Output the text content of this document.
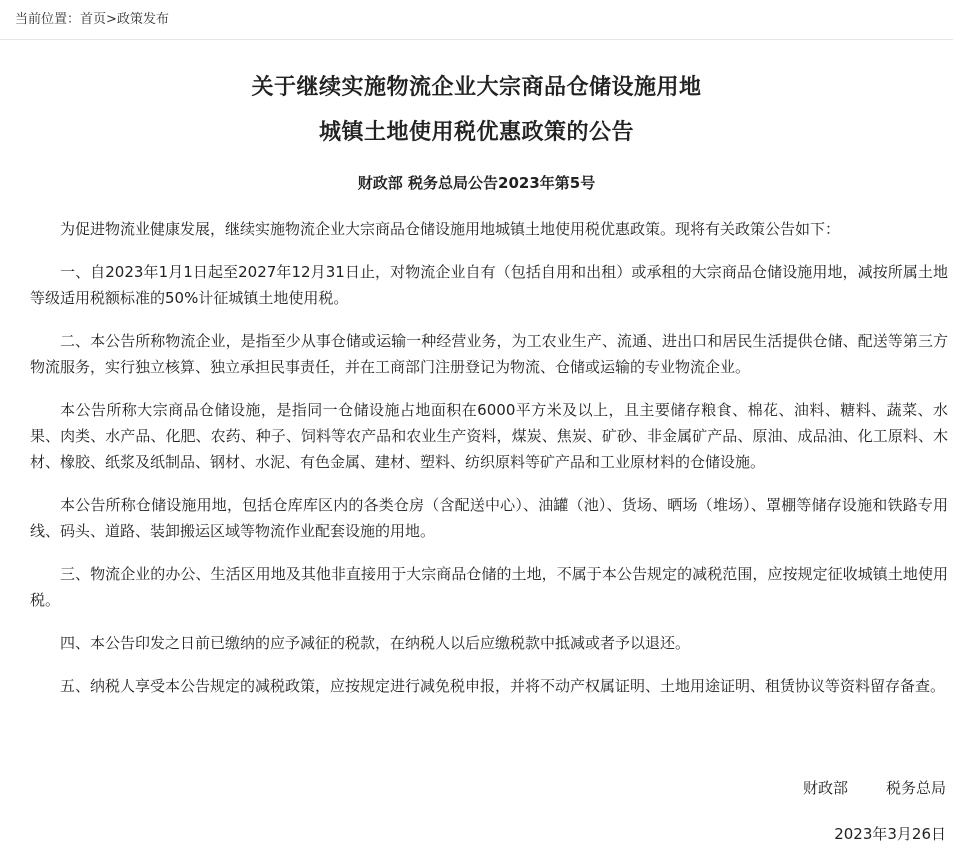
当前位置：首页>政策发布
关于继续实施物流企业大宗商品仓储设施用地
城镇土地使用税优惠政策的公告
财政部 税务总局公告2023年第5号

为促进物流业健康发展，继续实施物流企业大宗商品仓储设施用地城镇土地使用税优惠政策。现将有关政策公告如下：

一、自2023年1月1日起至2027年12月31日止，对物流企业自有（包括自用和出租）或承租的大宗商品仓储设施用地，减按所属土地等级适用税额标准的50%计征城镇土地使用税。

二、本公告所称物流企业，是指至少从事仓储或运输一种经营业务，为工农业生产、流通、进出口和居民生活提供仓储、配送等第三方物流服务，实行独立核算、独立承担民事责任，并在工商部门注册登记为物流、仓储或运输的专业物流企业。

本公告所称大宗商品仓储设施，是指同一仓储设施占地面积在6000平方米及以上，且主要储存粮食、棉花、油料、糖料、蔬菜、水果、肉类、水产品、化肥、农药、种子、饲料等农产品和农业生产资料，煤炭、焦炭、矿砂、非金属矿产品、原油、成品油、化工原料、木材、橡胶、纸浆及纸制品、钢材、水泥、有色金属、建材、塑料、纺织原料等矿产品和工业原材料的仓储设施。

本公告所称仓储设施用地，包括仓库库区内的各类仓房（含配送中心）、油罐（池）、货场、晒场（堆场）、罩棚等储存设施和铁路专用线、码头、道路、装卸搬运区域等物流作业配套设施的用地。

三、物流企业的办公、生活区用地及其他非直接用于大宗商品仓储的土地，不属于本公告规定的减税范围，应按规定征收城镇土地使用税。

四、本公告印发之日前已缴纳的应予减征的税款，在纳税人以后应缴税款中抵减或者予以退还。

五、纳税人享受本公告规定的减税政策，应按规定进行减免税申报，并将不动产权属证明、土地用途证明、租赁协议等资料留存备查。

财政部	税务总局
2023年3月26日
